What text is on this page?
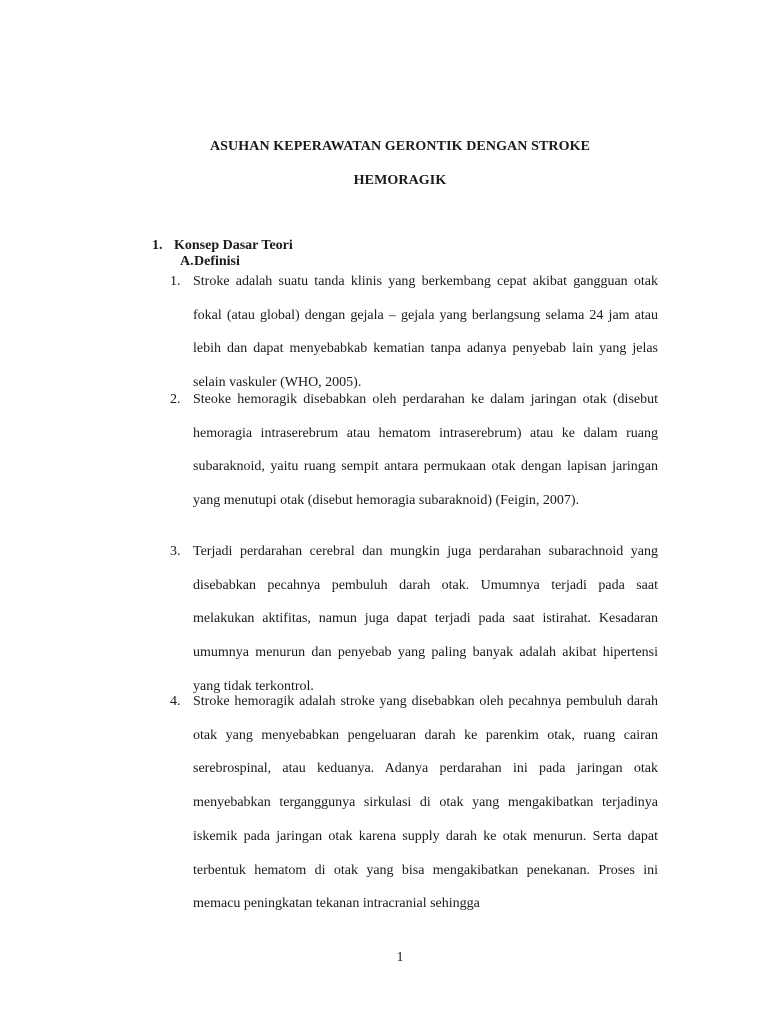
ASUHAN KEPERAWATAN GERONTIK DENGAN STROKE
HEMORAGIK
1. Konsep Dasar Teori
A.Definisi
1. Stroke adalah suatu tanda klinis yang berkembang cepat akibat gangguan otak fokal (atau global) dengan gejala – gejala yang berlangsung selama 24 jam atau lebih dan dapat menyebabkab kematian tanpa adanya penyebab lain yang jelas selain vaskuler (WHO, 2005).
2. Steoke hemoragik disebabkan oleh perdarahan ke dalam jaringan otak (disebut hemoragia intraserebrum atau hematom intraserebrum) atau ke dalam ruang subaraknoid, yaitu ruang sempit antara permukaan otak dengan lapisan jaringan yang menutupi otak (disebut hemoragia subaraknoid) (Feigin, 2007).
3. Terjadi perdarahan cerebral dan mungkin juga perdarahan subarachnoid yang disebabkan pecahnya pembuluh darah otak. Umumnya terjadi pada saat melakukan aktifitas, namun juga dapat terjadi pada saat istirahat. Kesadaran umumnya menurun dan penyebab yang paling banyak adalah akibat hipertensi yang tidak terkontrol.
4. Stroke hemoragik adalah stroke yang disebabkan oleh pecahnya pembuluh darah otak yang menyebabkan pengeluaran darah ke parenkim otak, ruang cairan serebrospinal, atau keduanya. Adanya perdarahan ini pada jaringan otak menyebabkan terganggunya sirkulasi di otak yang mengakibatkan terjadinya iskemik pada jaringan otak karena supply darah ke otak menurun. Serta dapat terbentuk hematom di otak yang bisa mengakibatkan penekanan. Proses ini memacu peningkatan tekanan intracranial sehingga
1
